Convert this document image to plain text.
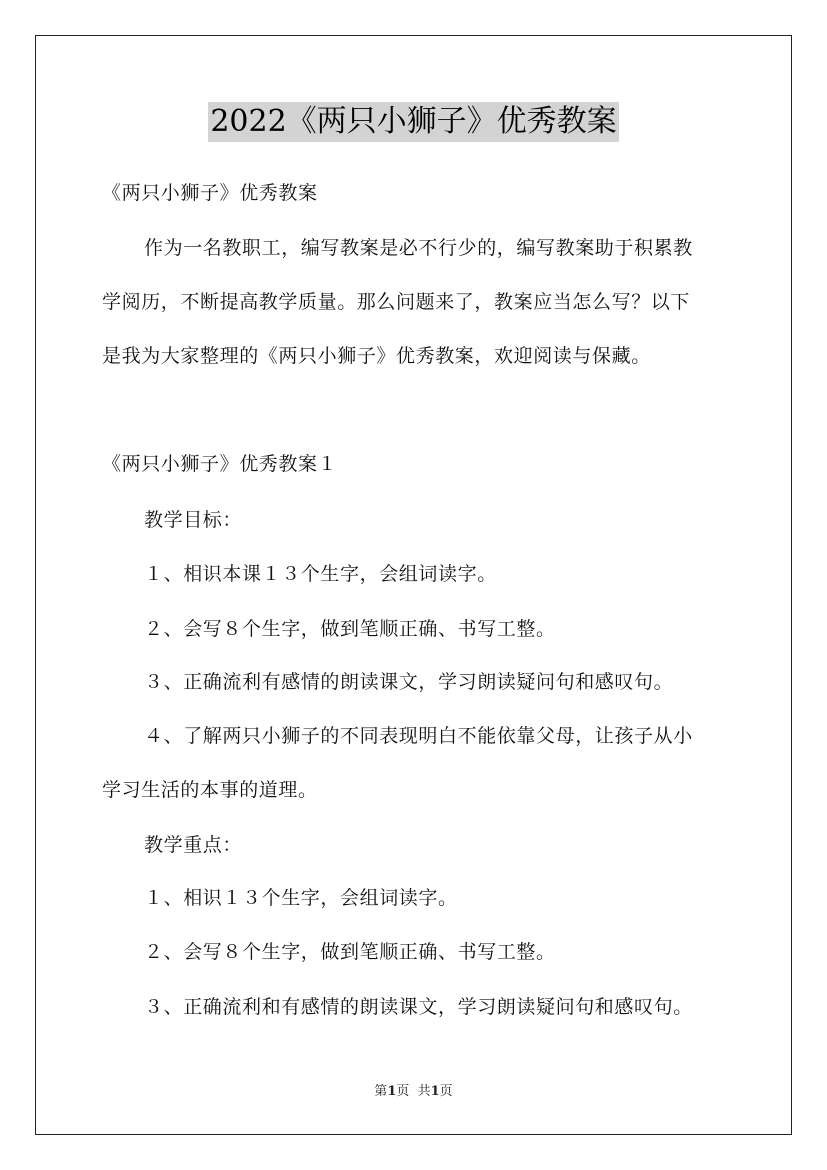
2022《两只小狮子》优秀教案
《两只小狮子》优秀教案
作为一名教职工，编写教案是必不行少的，编写教案助于积累教
学阅历，不断提高教学质量。那么问题来了，教案应当怎么写？以下
是我为大家整理的《两只小狮子》优秀教案，欢迎阅读与保藏。
《两只小狮子》优秀教案１
教学目标：
１、相识本课１３个生字，会组词读字。
２、会写８个生字，做到笔顺正确、书写工整。
３、正确流利有感情的朗读课文，学习朗读疑问句和感叹句。
４、了解两只小狮子的不同表现明白不能依靠父母，让孩子从小
学习生活的本事的道理。
教学重点：
１、相识１３个生字，会组词读字。
２、会写８个生字，做到笔顺正确、书写工整。
３、正确流利和有感情的朗读课文，学习朗读疑问句和感叹句。
第1页  共1页
